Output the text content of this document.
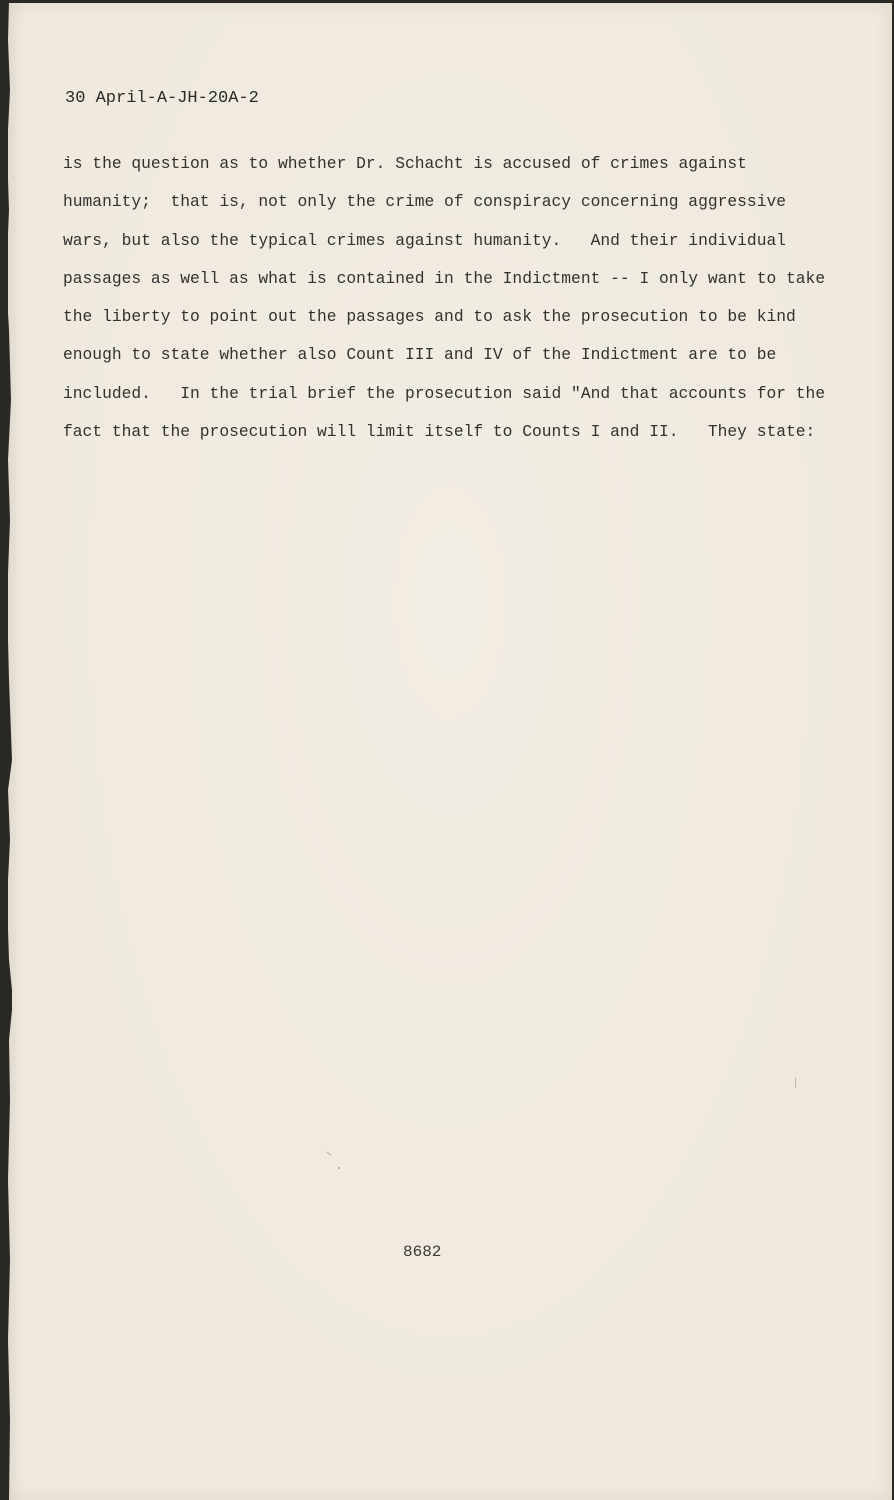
30 April-A-JH-20A-2
is the question as to whether Dr. Schacht is accused of crimes against
humanity;  that is, not only the crime of conspiracy concerning aggressive
wars, but also the typical crimes against humanity.   And their individual
passages as well as what is contained in the Indictment -- I only want to take
the liberty to point out the passages and to ask the prosecution to be kind
enough to state whether also Count III and IV of the Indictment are to be
included.   In the trial brief the prosecution said "And that accounts for the
fact that the prosecution will limit itself to Counts I and II.   They state:
8682
